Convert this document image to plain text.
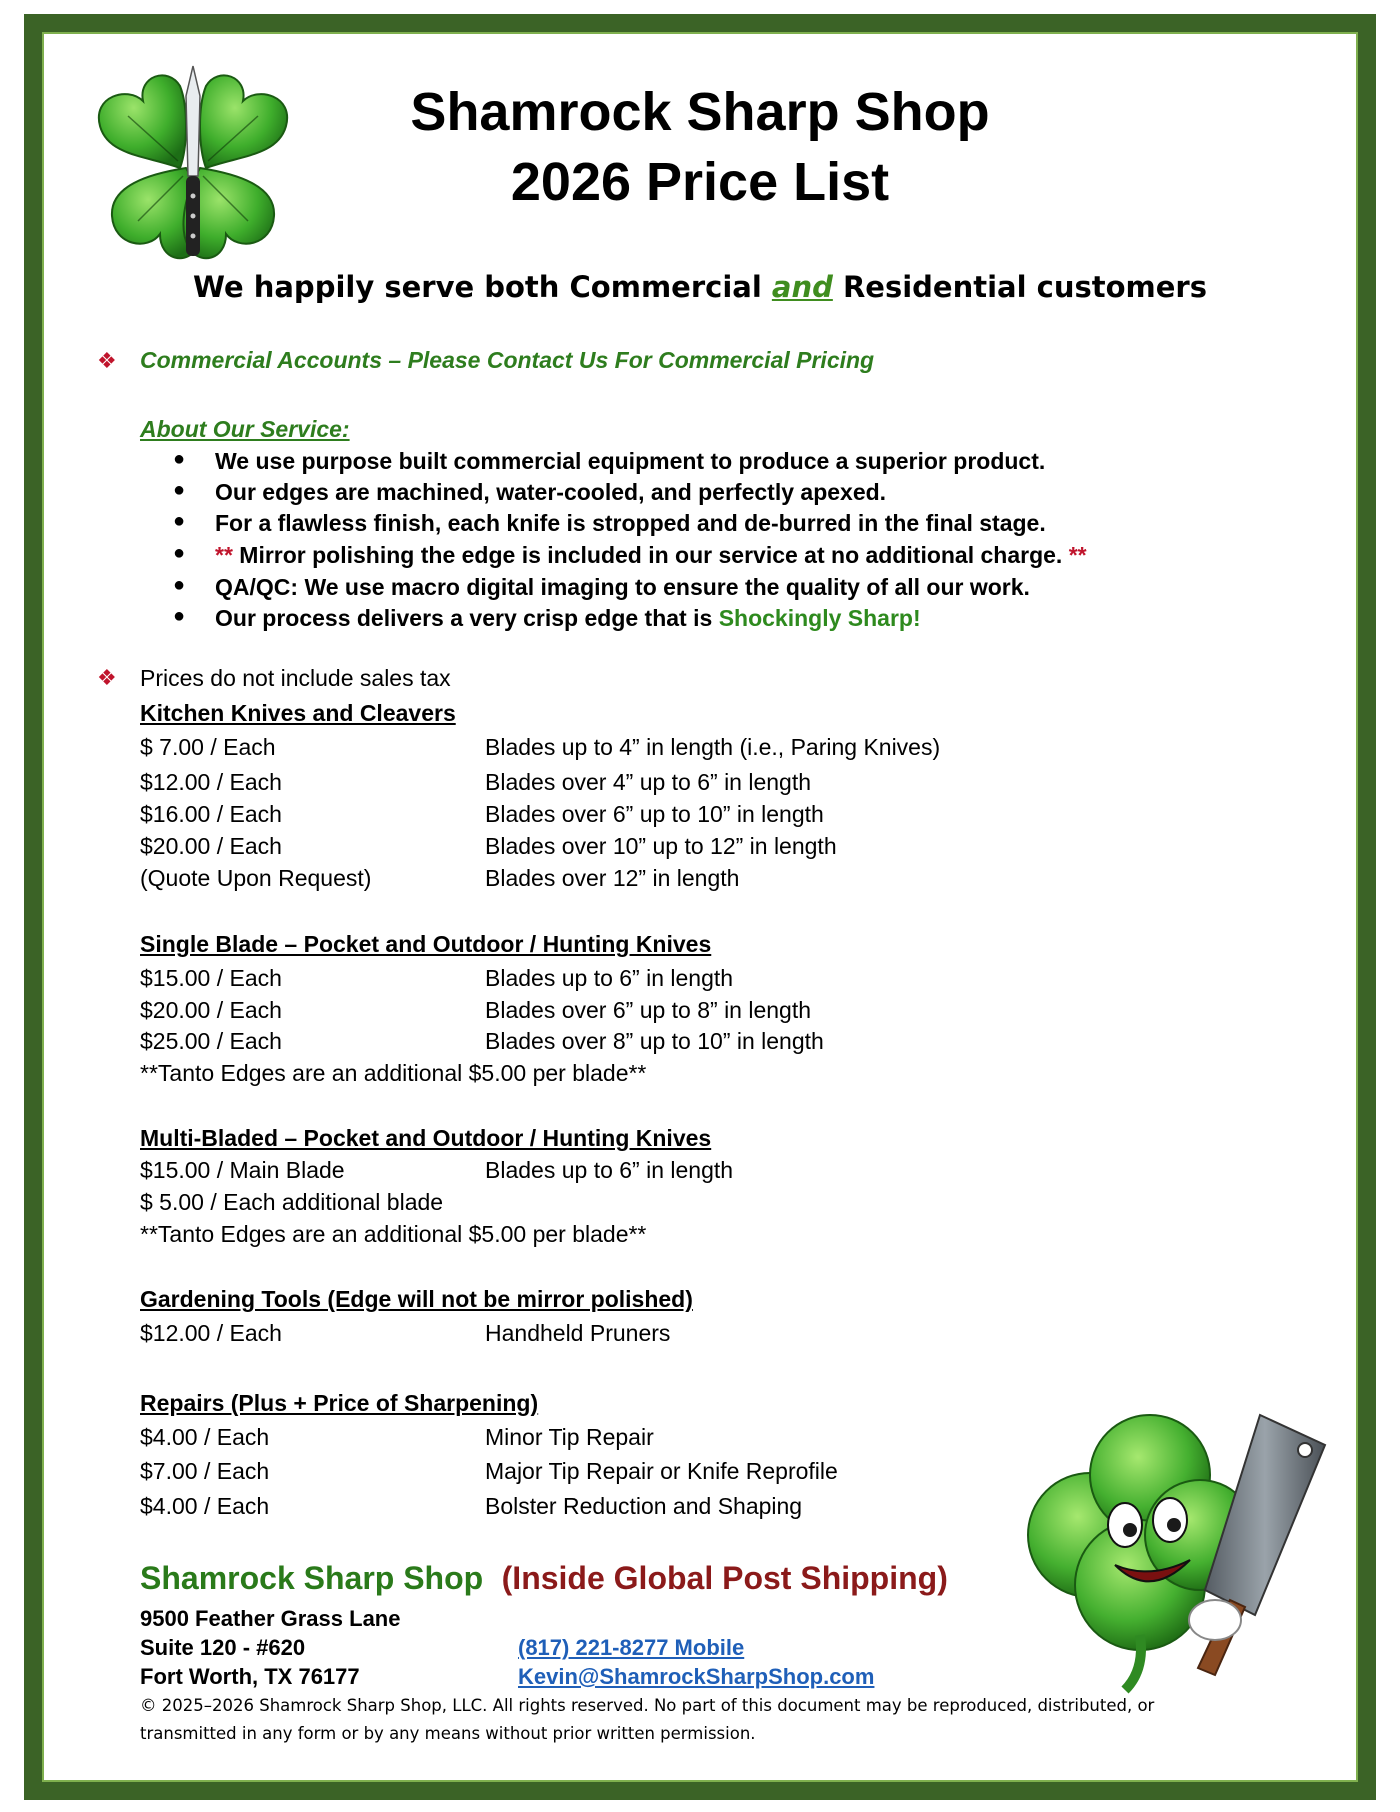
Shamrock Sharp Shop
2026 Price List
We happily serve both Commercial and Residential customers
❖ Commercial Accounts – Please Contact Us For Commercial Pricing
About Our Service:
● We use purpose built commercial equipment to produce a superior product.
● Our edges are machined, water-cooled, and perfectly apexed.
● For a flawless finish, each knife is stropped and de-burred in the final stage.
● ** Mirror polishing the edge is included in our service at no additional charge. **
● QA/QC: We use macro digital imaging to ensure the quality of all our work.
● Our process delivers a very crisp edge that is Shockingly Sharp!
❖ Prices do not include sales tax
Kitchen Knives and Cleavers
$ 7.00 / Each	Blades up to 4” in length (i.e., Paring Knives)
$12.00 / Each	Blades over 4” up to 6” in length
$16.00 / Each	Blades over 6” up to 10” in length
$20.00 / Each	Blades over 10” up to 12” in length
(Quote Upon Request)	Blades over 12” in length
Single Blade – Pocket and Outdoor / Hunting Knives
$15.00 / Each	Blades up to 6” in length
$20.00 / Each	Blades over 6” up to 8” in length
$25.00 / Each	Blades over 8” up to 10” in length
**Tanto Edges are an additional $5.00 per blade**
Multi-Bladed – Pocket and Outdoor / Hunting Knives
$15.00 / Main Blade	Blades up to 6” in length
$ 5.00 / Each additional blade
**Tanto Edges are an additional $5.00 per blade**
Gardening Tools (Edge will not be mirror polished)
$12.00 / Each	Handheld Pruners
Repairs (Plus + Price of Sharpening)
$4.00 / Each	Minor Tip Repair
$7.00 / Each	Major Tip Repair or Knife Reprofile
$4.00 / Each	Bolster Reduction and Shaping
Shamrock Sharp Shop (Inside Global Post Shipping)
9500 Feather Grass Lane
Suite 120 - #620
Fort Worth, TX 76177
(817) 221-8277 Mobile
Kevin@ShamrockSharpShop.com
© 2025–2026 Shamrock Sharp Shop, LLC. All rights reserved. No part of this document may be reproduced, distributed, or
transmitted in any form or by any means without prior written permission.
